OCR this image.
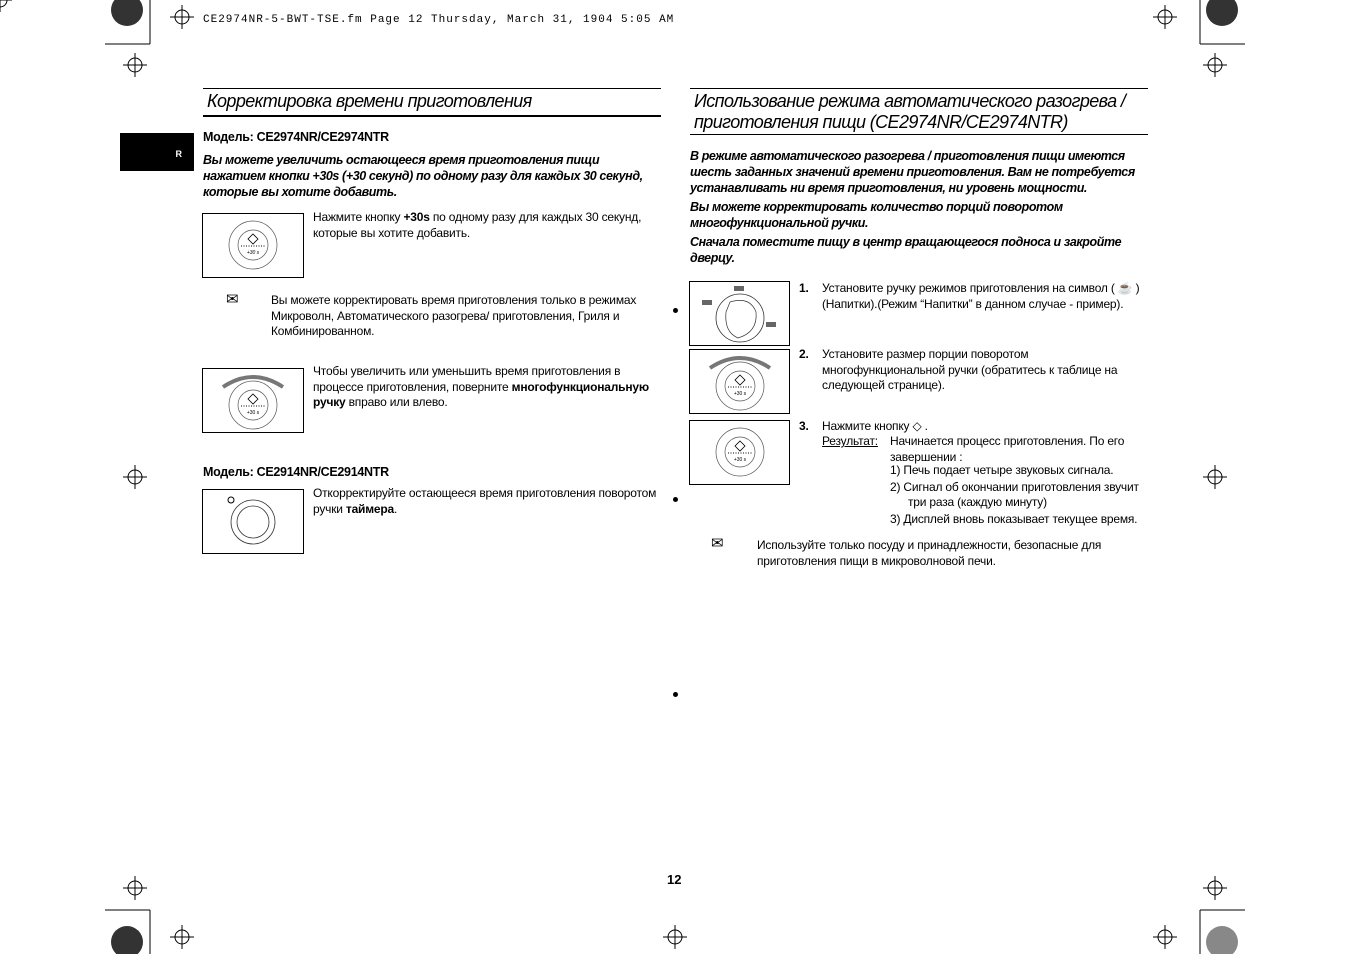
CE2974NR-5-BWT-TSE.fm Page 12 Thursday, March 31, 1904 5:05 AM
R
Корректировка времени приготовления
Модель: CE2974NR/CE2974NTR
Вы можете увеличить остающееся время приготовления пищи нажатием кнопки +30s (+30 секунд) по одному разу для каждых 30 секунд, которые вы хотите добавить.
+30 s
Нажмите кнопку +30s по одному разу для каждых 30 секунд, которые вы хотите добавить.
✉	Вы можете корректировать время приготовления только в режимах Микроволн, Автоматического разогрева/ приготовления, Гриля и Комбинированном.
+30 s
Чтобы увеличить или уменьшить время приготовления в процессе приготовления, поверните многофункциональную ручку вправо или влево.
Модель: CE2914NR/CE2914NTR
Откорректируйте остающееся время приготовления поворотом ручки таймера.
Использование режима автоматического разогрева / приготовления пищи (CE2974NR/CE2974NTR)
В режиме автоматического разогрева / приготовления пищи имеются шесть заданных значений времени приготовления. Вам не потребуется устанавливать ни время приготовления, ни уровень мощности.
Вы можете корректировать количество порций поворотом многофункциональной ручки.
Сначала поместите пищу в центр вращающегося подноса и закройте дверцу.
+30 s
+30 s
1. Установите ручку режимов приготовления на символ ( ☕ ) (Напитки).(Режим “Напитки” в данном случае - пример).
2. Установите размер порции поворотом многофункциональной ручки (обратитесь к таблице на следующей странице).
3. Нажмите кнопку ◇ .
Результат: Начинается процесс приготовления. По его завершении :
1) Печь подает четыре звуковых сигнала.
2) Сигнал об окончании приготовления звучит три раза (каждую минуту)
3) Дисплей вновь показывает текущее время.
✉	Используйте только посуду и принадлежности, безопасные для приготовления пищи в микроволновой печи.
12
